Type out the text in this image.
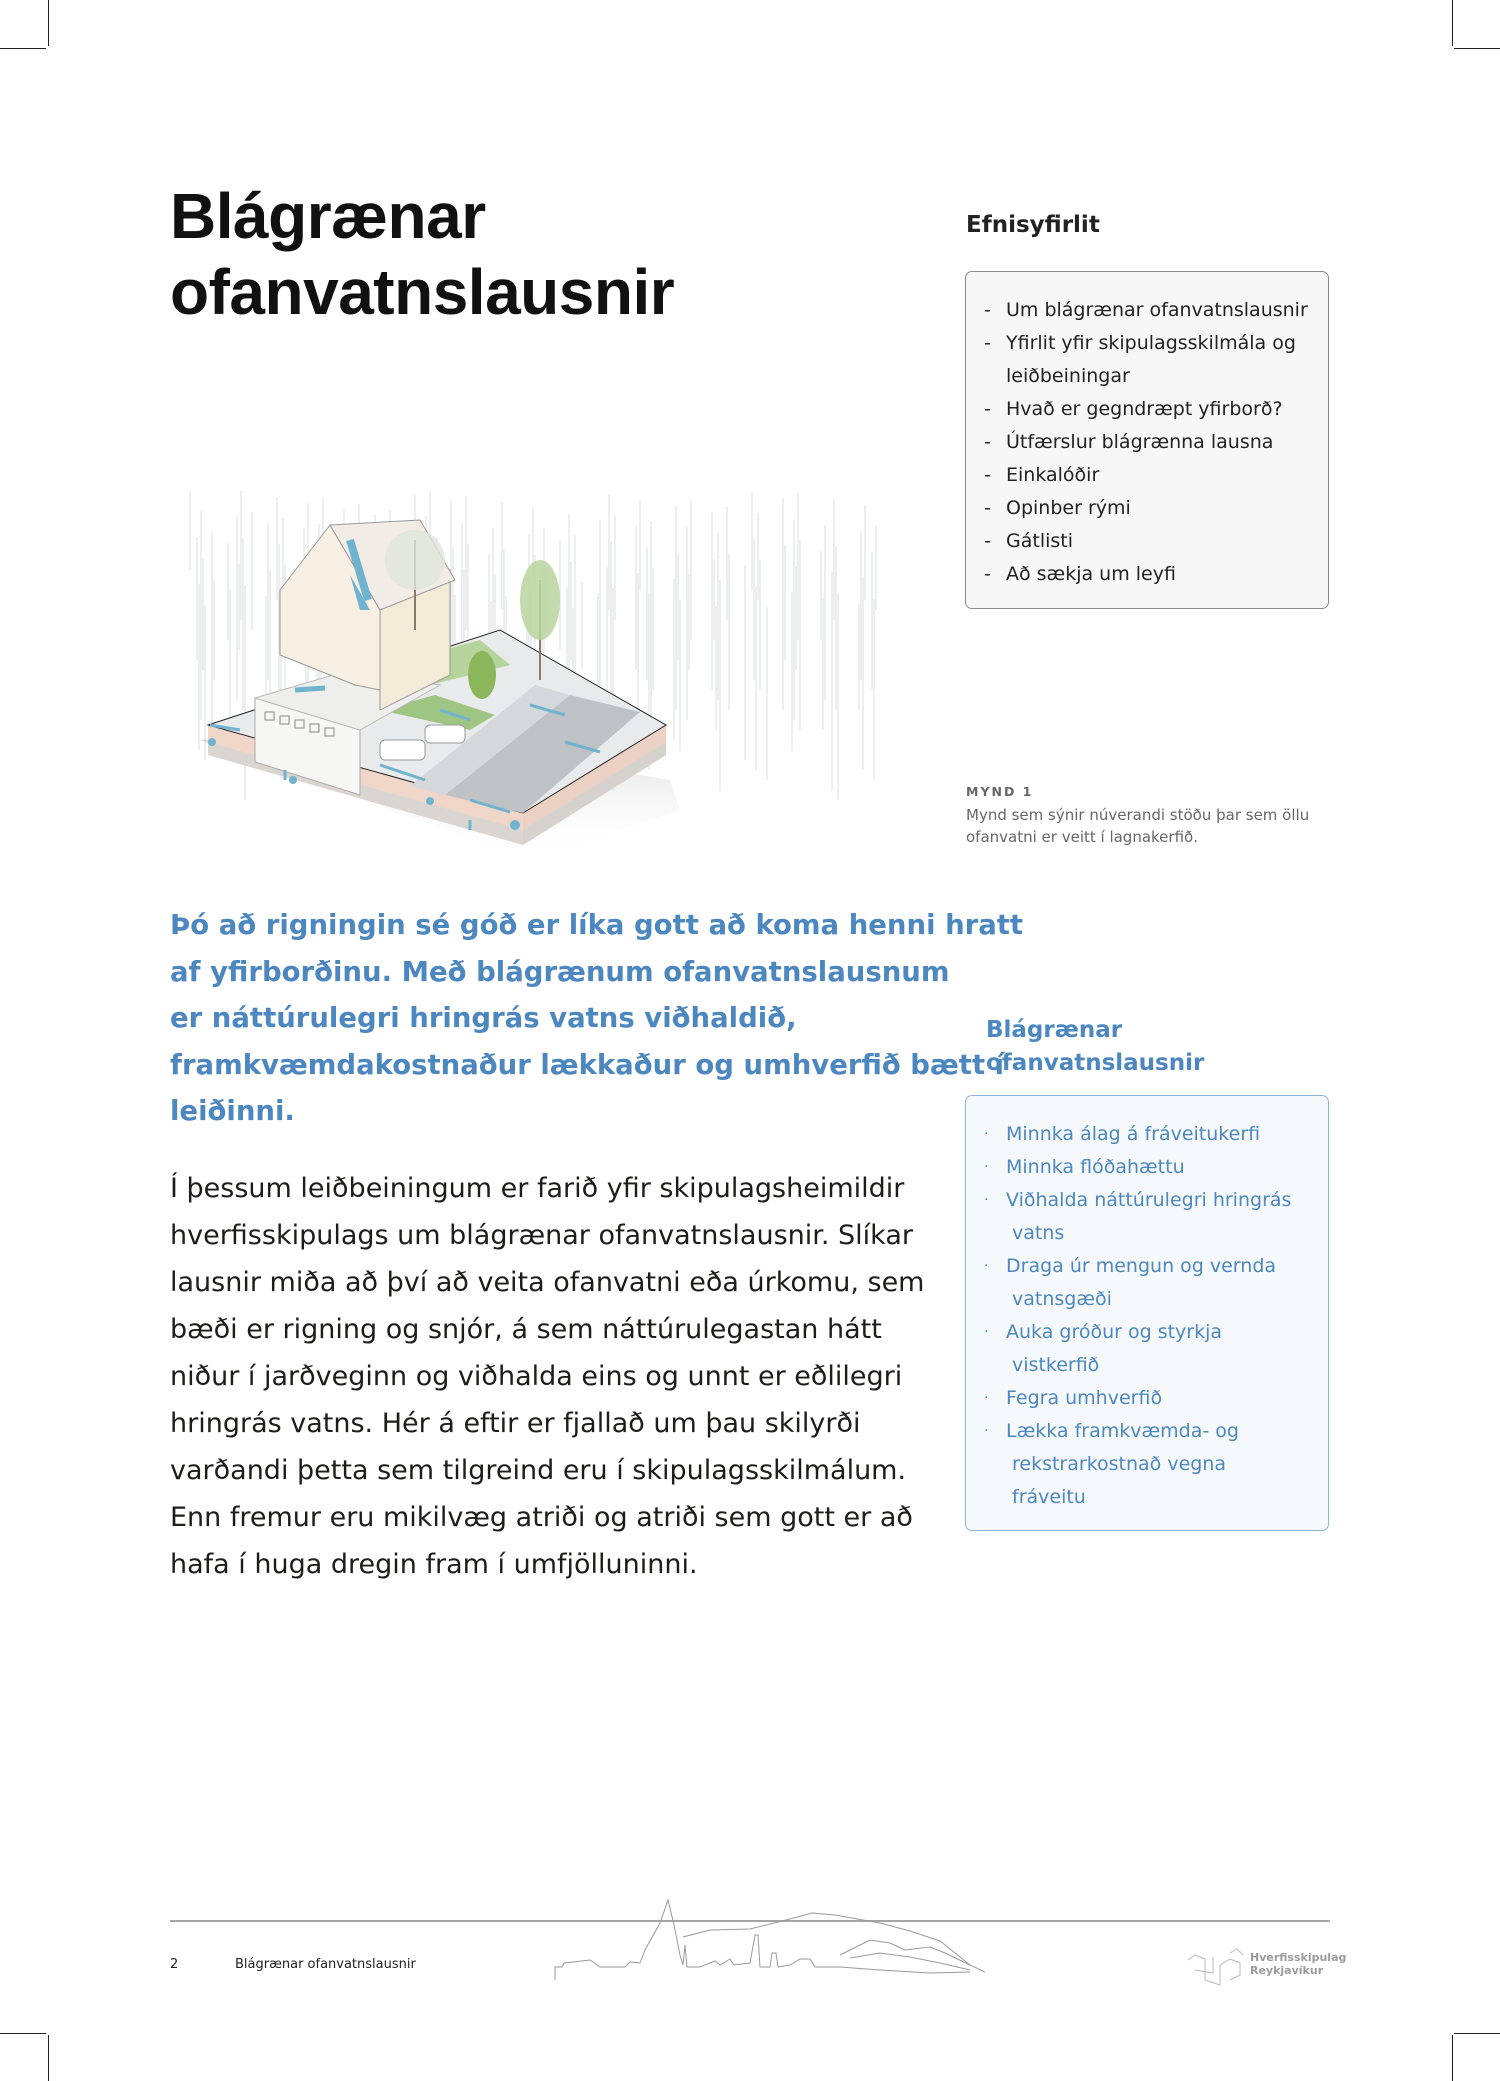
Blágrænar
ofanvatnslausnir
Efnisyfirlit
- Um blágrænar ofanvatnslausnir
- Yfirlit yfir skipulagsskilmála og
leiðbeiningar
- Hvað er gegndræpt yfirborð?
- Útfærslur blágrænna lausna
- Einkalóðir
- Opinber rými
- Gátlisti
- Að sækja um leyfi
MYND 1
Mynd sem sýnir núverandi stöðu þar sem öllu
ofanvatni er veitt í lagnakerfið.
Þó að rigningin sé góð er líka gott að koma henni hratt
af yfirborðinu. Með blágrænum ofanvatnslausnum
er náttúrulegri hringrás vatns viðhaldið,
framkvæmdakostnaður lækkaður og umhverfið bætt í
leiðinni.
Í þessum leiðbeiningum er farið yfir skipulagsheimildir
hverfisskipulags um blágrænar ofanvatnslausnir. Slíkar
lausnir miða að því að veita ofanvatni eða úrkomu, sem
bæði er rigning og snjór, á sem náttúrulegastan hátt
niður í jarðveginn og viðhalda eins og unnt er eðlilegri
hringrás vatns. Hér á eftir er fjallað um þau skilyrði
varðandi þetta sem tilgreind eru í skipulagsskilmálum.
Enn fremur eru mikilvæg atriði og atriði sem gott er að
hafa í huga dregin fram í umfjölluninni.
Blágrænar
ofanvatnslausnir
· Minnka álag á fráveitukerfi
· Minnka flóðahættu
· Viðhalda náttúrulegri hringrás
vatns
· Draga úr mengun og vernda
vatnsgæði
· Auka gróður og styrkja
vistkerfið
· Fegra umhverfið
· Lækka framkvæmda- og
rekstrarkostnað vegna
fráveitu
2	Blágrænar ofanvatnslausnir	Hverfisskipulag
Reykjavíkur
